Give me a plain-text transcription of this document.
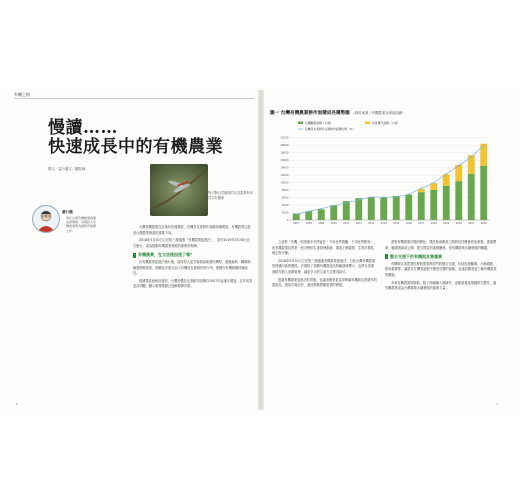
有機之路
慢讀……
快速成長中的有機農業
撰文／蕭行儀文／攝影師
生物不斷自然循環的友善農業利用自然共好關係
蕭行儀
現任台灣有機農業推廣協會理事，長期投入有機農業與食農教育推廣工作。

台灣有機農業在近幾年快速發展，有機及友善耕作面積持續增加，有機農業已經是台灣農業發展的重要方向。

2018年5月30日立法院三讀通過「有機農業促進法」，並於2019年5月30日正式施行，成為推動有機農業發展的重要里程碑。

有機農業，在立法後加速了嗎？

自有機農業促進法施行後，政府投入更多資源協助農民轉型，透過補助、輔導與驗證制度改善，鼓勵更多農友加入有機及友善耕作的行列，使國內有機面積持續成長。

根據農委會統計資料，台灣有機及友善耕作面積自2007年起逐年增加，近年成長更為明顯，顯示政策推動已逐漸發揮效果。

之前對「有機」的認識多半停留在「不用化學農藥、不用化學肥料」，但有機農業其實是一套完整的生產管理系統，重視土壤健康、生物多樣性與生態平衡。

2018年5月30日立法院三讀通過有機農業促進法，自此台灣有機農業管理邁向新的階段。法規除了規範有機農產品的驗證與標示，也將友善環境耕作納入登錄管理，讓更多元的生產方式獲得認可。

透過有機農業促進法的實施，也讓消費者更容易辨識有機與友善耕作的農產品，增加市場信任，進而帶動整體產業的發展。

面對有機農業市場的變化，農民與消費者之間的信任關係愈加重要，透過標章、驗證與資訊公開，建立穩定的產銷關係，是有機農業永續發展的關鍵。

整合支援下的有機與友善農業

有機與友善農業的發展需要跨部門的整合支援，包括技術輔導、行銷通路、教育推廣等，讓農友在轉型過程中獲得完整的協助，也讓消費者更了解有機農業的價值。

未來有機農業的推動，除了持續擴大面積外，更應重視產業鏈的完整性，讓有機農業成為台灣農業永續發展的重要力量。

圖一 台灣有機農業耕作面積成長趨勢圖 （資料來源／有機農業全球資訊網）
0
2000
4000
6000
8000
10000
12000
14000
16000
18000
20000
22000
2007	2008	2009	2010	2011	2012	2013	2014	2015	2016	2017	2018	2019	2020	2021	2022
有機驗證面積（公頃）	友善農作面積（公頃）
有機及友善耕作占總耕作面積比例（%）
6	7
